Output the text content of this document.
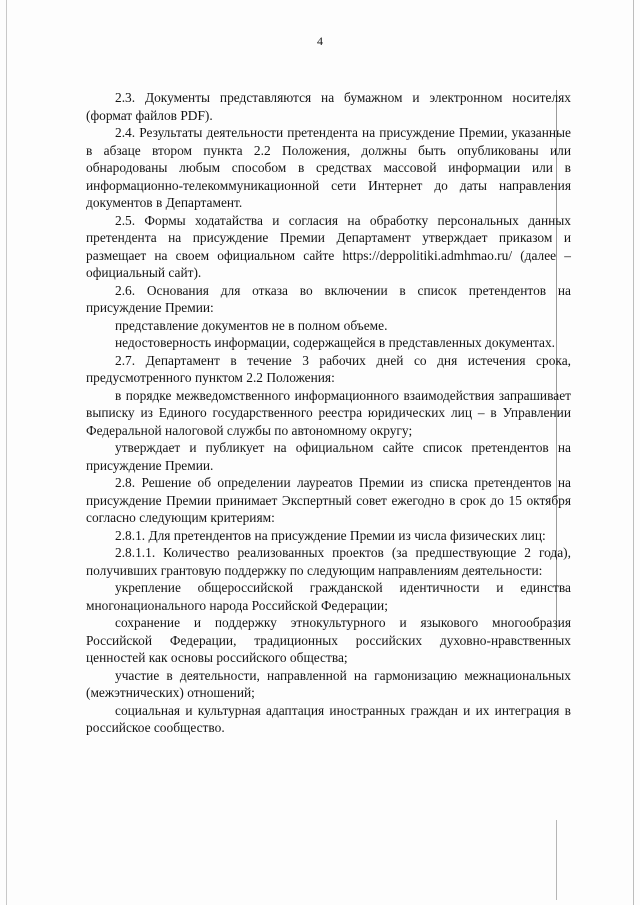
4

2.3. Документы представляются на бумажном и электронном носителях (формат файлов PDF).

2.4. Результаты деятельности претендента на присуждение Премии, указанные в абзаце втором пункта 2.2 Положения, должны быть опубликованы или обнародованы любым способом в средствах массовой информации или в информационно-телекоммуникационной сети Интернет до даты направления документов в Департамент.

2.5. Формы ходатайства и согласия на обработку персональных данных претендента на присуждение Премии Департамент утверждает приказом и размещает на своем официальном сайте https://deppolitiki.admhmao.ru/ (далее – официальный сайт).

2.6. Основания для отказа во включении в список претендентов на присуждение Премии:

представление документов не в полном объеме.

недостоверность информации, содержащейся в представленных документах.

2.7. Департамент в течение 3 рабочих дней со дня истечения срока, предусмотренного пунктом 2.2 Положения:

в порядке межведомственного информационного взаимодействия запрашивает выписку из Единого государственного реестра юридических лиц – в Управлении Федеральной налоговой службы по автономному округу;

утверждает и публикует на официальном сайте список претендентов на присуждение Премии.

2.8. Решение об определении лауреатов Премии из списка претендентов на присуждение Премии принимает Экспертный совет ежегодно в срок до 15 октября согласно следующим критериям:

2.8.1. Для претендентов на присуждение Премии из числа физических лиц:

2.8.1.1. Количество реализованных проектов (за предшествующие 2 года), получивших грантовую поддержку по следующим направлениям деятельности:

укрепление общероссийской гражданской идентичности и единства многонационального народа Российской Федерации;

сохранение и поддержку этнокультурного и языкового многообразия Российской Федерации, традиционных российских духовно-нравственных ценностей как основы российского общества;

участие в деятельности, направленной на гармонизацию межнациональных (межэтнических) отношений;

социальная и культурная адаптация иностранных граждан и их интеграция в российское сообщество.
